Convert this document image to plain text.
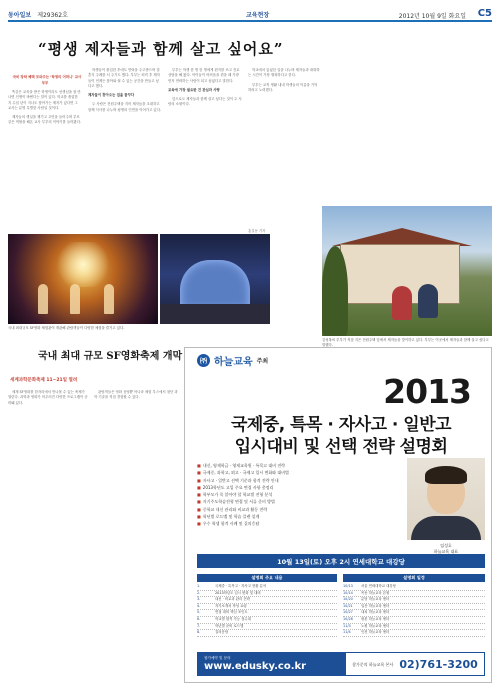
동아일보 제29362호	교육현장	2012년 10월 9일 화요일 C5
“평생 제자들과 함께 살고 싶어요”

국비 장학 혜택 모와주는 ‘학생의 어머니’ 교사 부부

똑같은 교육을 받은 학생이라도 선생님을 잘 만나면 인생이 바뀐다는 말이 있다. 학교를 졸업한 지 수십 년이 지나도 찾아가는 제자가 있다면 그 교사는 분명 특별한 사람일 것이다.

제자들의 생일을 챙기고 고민을 들어주며 부모 같은 역할을 해온 교사 부부의 이야기를 들어봤다.

학생들이 졸업한 후에도 연락을 주고받으며 결혼식 주례를 서 주기도 했다. 부부는 퇴직 후 제자들이 언제든 찾아와 쉴 수 있는 공간을 만들고 싶다고 했다.

제자들이 찾아오는 집을 꿈꾸다

두 사람은 전원주택을 지어 제자들을 초대하고 함께 식사를 나누며 평생의 인연을 이어가고 있다.

부부는 학생 한 명 한 명에게 편지를 쓰고 진로 상담을 해 왔다. 아이들이 어려움을 겪을 때 가장 먼저 연락하는 사람이 되고 싶었다고 말한다.

교육에 가장 필요한 건 관심과 사랑

앞으로도 제자들과 함께 살고 싶다는 것이 두 사람의 소원이다.

학교에서 있었던 일을 나누며 제자들과 대화하는 시간이 가장 행복하다고 한다.

부부는 교직 생활 내내 학생들의 이름을 기억하려고 노력했다.

김성복씨 부부가 직접 지은 전원주택 앞에서 제자들을 맞이하고 있다. 부부는 이곳에서 제자들과 함께 살고 싶다고 말했다.
홍길동 기자
국내 최대규모 SF영화 체험관이 개관해 관람객들이 다양한 체험을 즐기고 있다.
국내 최대 규모 SF영화축제 개막
세계과학문화축제 11~21일 열려

세계 SF영화를 한자리에서 만나볼 수 있는 축제가 열린다. 과학과 영화가 어우러진 다양한 프로그램이 준비돼 있다.

관람객들은 영화 상영뿐 아니라 체험 부스에서 첨단 과학 기술을 직접 경험할 수 있다.

㈜ 하늘교육 주최
2013
국제중, 특목 · 자사고 · 일반고
입시대비 및 선택 전략 설명회
■ 내신, 영재학급 · 영재교육원 · 특목고 대비 전략
■ 국제중, 과학고, 외고 · 국제고 입시 변화와 대비법
■ 자사고 · 일반고 선택 기준과 합격 전략 안내
■ 2013학년도 고입 주요 변경 사항 총정리
■ 학부모가 꼭 알아야 할 학교별 전형 분석
■ 자기주도학습전형 면접 및 서류 준비 방법
■ 중학교 내신 관리와 비교과 활동 전략
■ 학년별 로드맵 및 학습 플랜 설계
■ 우수 학생 합격 사례 및 질의응답
임성호
하늘교육 대표
10월 13일(토) 오후 2시 연세대학교 대강당
설명회 주요 내용
1.	국제중 · 특목고 · 자사고 현황 분석
2.	2013학년도 입시 변화 및 대비
3.	내신 · 비교과 관리 전략
4.	자기소개서 작성 요령
5.	면접 대비 핵심 포인트
6.	학교별 합격 가능 점수대
7.	학년별 준비 로드맵
8.	질의응답
설명회 일정
10/13	서울 연세대학교 대강당
10/14	목동 하늘교육 본원
10/20	분당 하늘교육 센터
10/21	일산 하늘교육 센터
10/27	대치 하늘교육 센터
10/28	평촌 하늘교육 센터
11/3	노원 하늘교육 센터
11/4	인천 하늘교육 센터
참가예약 및 문의
www.edusky.co.kr	참가문의 하늘교육 본사 02)761-3200
